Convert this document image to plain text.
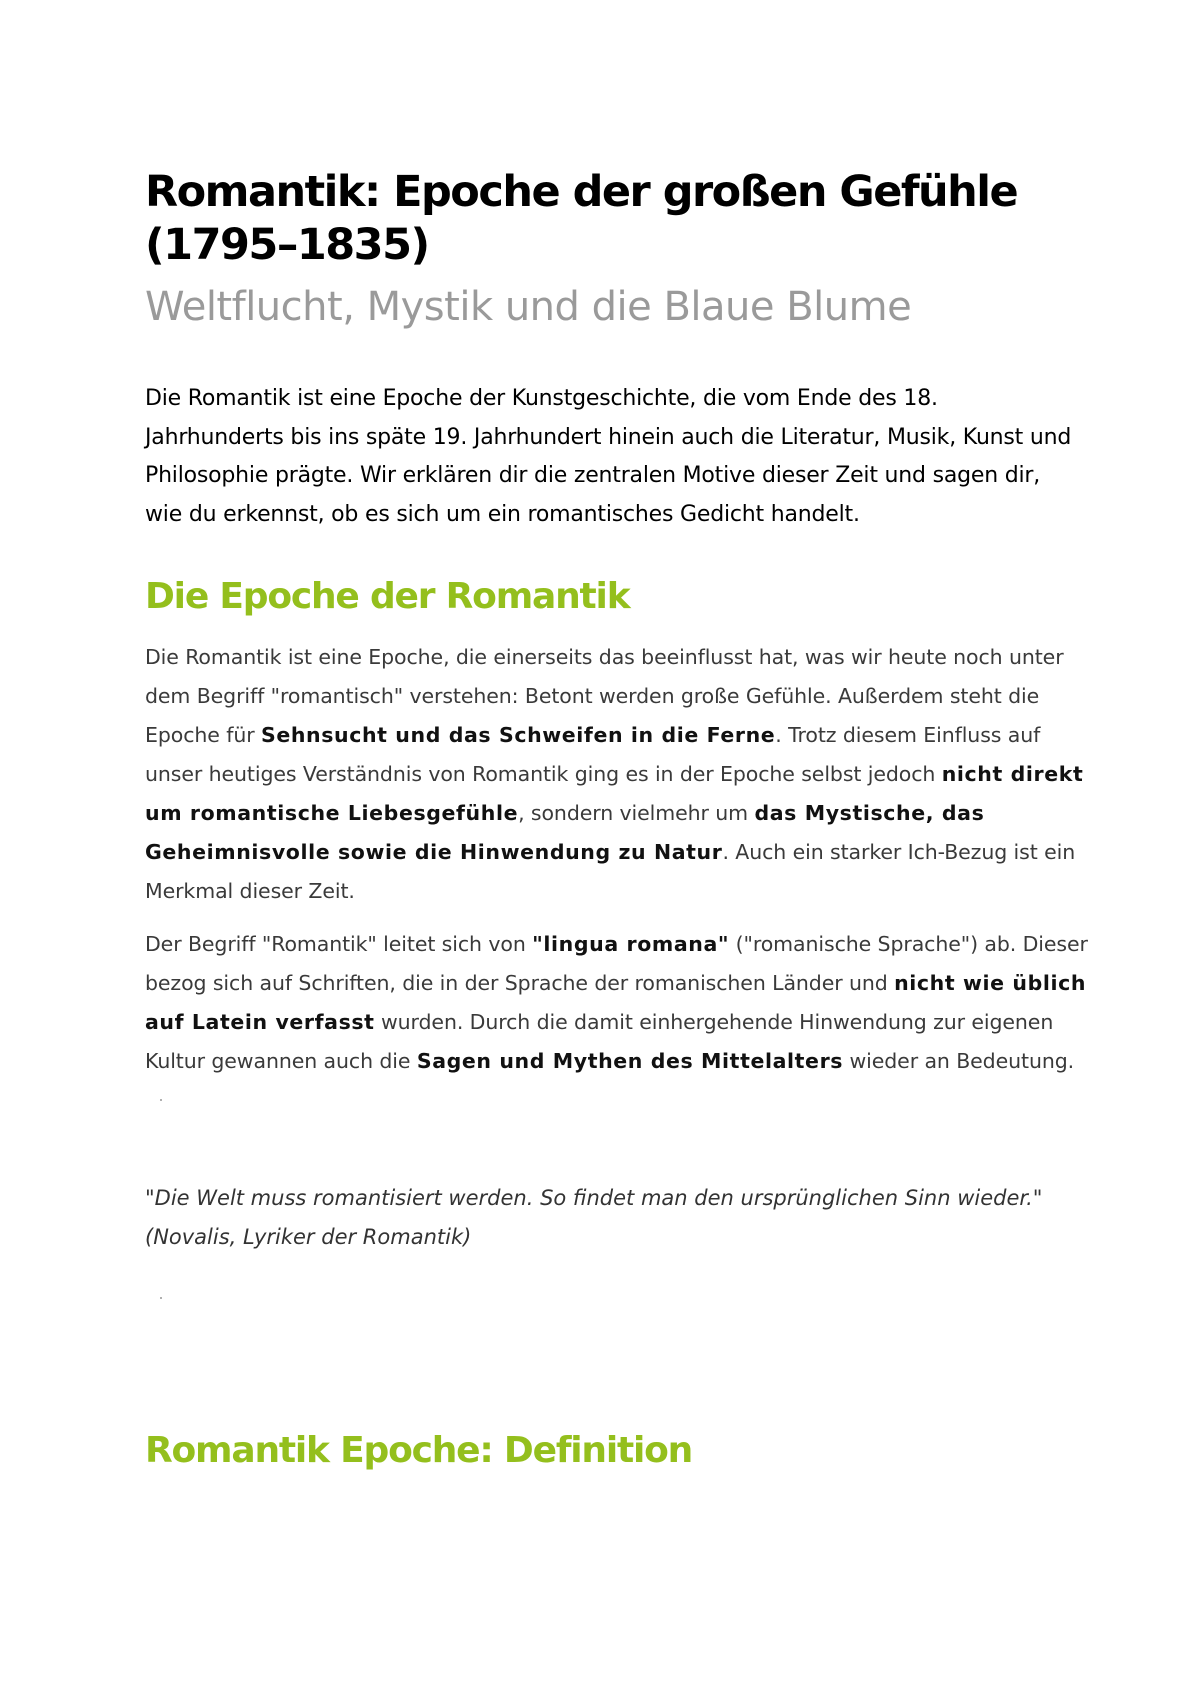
Romantik: Epoche der großen Gefühle (1795–1835)
Weltflucht, Mystik und die Blaue Blume

Die Romantik ist eine Epoche der Kunstgeschichte, die vom Ende des 18. Jahrhunderts bis ins späte 19. Jahrhundert hinein auch die Literatur, Musik, Kunst und Philosophie prägte. Wir erklären dir die zentralen Motive dieser Zeit und sagen dir, wie du erkennst, ob es sich um ein romantisches Gedicht handelt.

Die Epoche der Romantik

Die Romantik ist eine Epoche, die einerseits das beeinflusst hat, was wir heute noch unter dem Begriff "romantisch" verstehen: Betont werden große Gefühle. Außerdem steht die Epoche für Sehnsucht und das Schweifen in die Ferne. Trotz diesem Einfluss auf unser heutiges Verständnis von Romantik ging es in der Epoche selbst jedoch nicht direkt um romantische Liebesgefühle, sondern vielmehr um das Mystische, das Geheimnisvolle sowie die Hinwendung zu Natur. Auch ein starker Ich-Bezug ist ein Merkmal dieser Zeit.

Der Begriff "Romantik" leitet sich von "lingua romana" ("romanische Sprache") ab. Dieser bezog sich auf Schriften, die in der Sprache der romanischen Länder und nicht wie üblich auf Latein verfasst wurden. Durch die damit einhergehende Hinwendung zur eigenen Kultur gewannen auch die Sagen und Mythen des Mittelalters wieder an Bedeutung.

"Die Welt muss romantisiert werden. So findet man den ursprünglichen Sinn wieder." (Novalis, Lyriker der Romantik)

Romantik Epoche: Definition
